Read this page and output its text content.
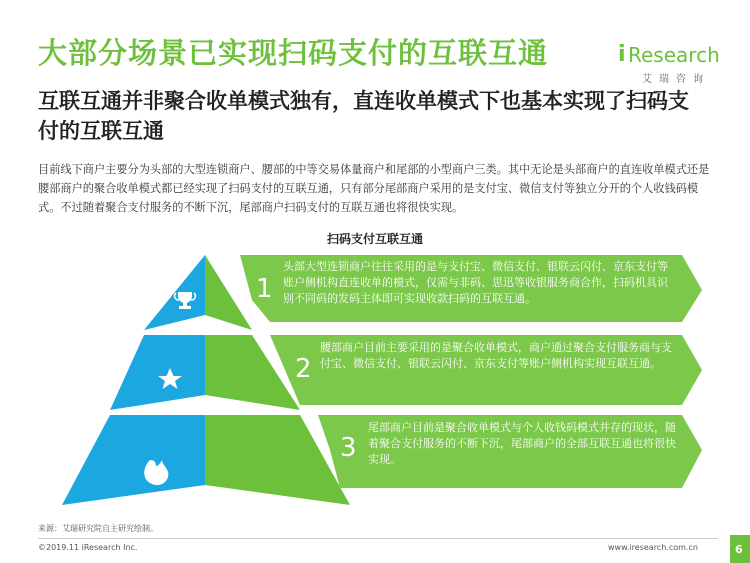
大部分场景已实现扫码支付的互联互通	i Research
艾瑞咨询
互联互通并非聚合收单模式独有，直连收单模式下也基本实现了扫码支付的互联互通
目前线下商户主要分为头部的大型连锁商户、腰部的中等交易体量商户和尾部的小型商户三类。其中无论是头部商户的直连收单模式还是腰部商户的聚合收单模式都已经实现了扫码支付的互联互通，只有部分尾部商户采用的是支付宝、微信支付等独立分开的个人收钱码模式。不过随着聚合支付服务的不断下沉，尾部商户扫码支付的互联互通也将很快实现。
扫码支付互联互通
1
头部大型连锁商户往往采用的是与支付宝、微信支付、银联云闪付、京东支付等账户侧机构直连收单的模式，仅需与非码、思迅等收银服务商合作，扫码机具识别不同码的发码主体即可实现收款扫码的互联互通。
2
腰部商户目前主要采用的是聚合收单模式，商户通过聚合支付服务商与支付宝、微信支付、银联云闪付、京东支付等账户侧机构实现互联互通。
3
尾部商户目前是聚合收单模式与个人收钱码模式并存的现状，随着聚合支付服务的不断下沉，尾部商户的全部互联互通也将很快实现。
来源：艾瑞研究院自主研究绘制。
©2019.11 iResearch Inc.	www.iresearch.com.cn	6
